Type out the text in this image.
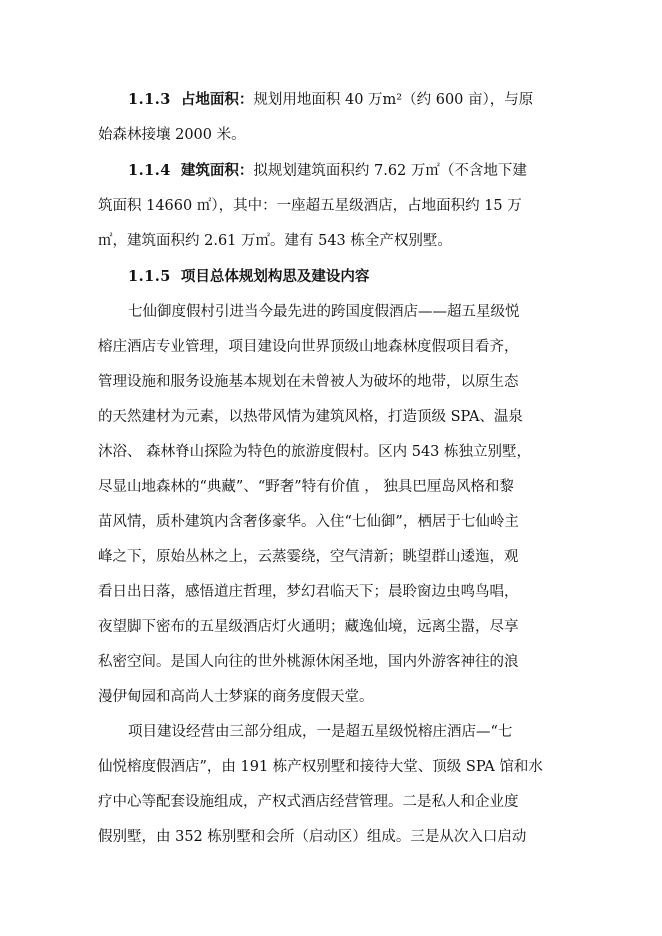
1.1.3 占地面积：规划用地面积 40 万m²（约 600 亩），与原
始森林接壤 2000 米。

1.1.4 建筑面积：拟规划建筑面积约 7.62 万㎡（不含地下建
筑面积 14660 ㎡），其中：一座超五星级酒店，占地面积约 15 万
㎡，建筑面积约 2.61 万㎡。建有 543 栋全产权别墅。

1.1.5 项目总体规划构思及建设内容

七仙御度假村引进当今最先进的跨国度假酒店——超五星级悦
榕庄酒店专业管理，项目建设向世界顶级山地森林度假项目看齐，
管理设施和服务设施基本规划在未曾被人为破坏的地带，以原生态
的天然建材为元素，以热带风情为建筑风格，打造顶级 SPA、温泉
沐浴、 森林脊山探险为特色的旅游度假村。区内 543 栋独立别墅，
尽显山地森林的“典藏”、“野奢”特有价值 ， 独具巴厘岛风格和黎
苗风情，质朴建筑内含奢侈豪华。入住“七仙御”，栖居于七仙岭主
峰之下，原始丛林之上，云蒸霎绕，空气清新；眺望群山逶迤，观
看日出日落，感悟道庄哲理，梦幻君临天下；晨聆窗边虫鸣鸟唱，
夜望脚下密布的五星级酒店灯火通明；藏逸仙境，远离尘嚣，尽享
私密空间。是国人向往的世外桃源休闲圣地，国内外游客神往的浪
漫伊甸园和高尚人士梦寐的商务度假天堂。

项目建设经营由三部分组成，一是超五星级悦榕庄酒店—“七
仙悦榕度假酒店”，由 191 栋产权别墅和接待大堂、顶级 SPA 馆和水
疗中心等配套设施组成，产权式酒店经营管理。二是私人和企业度
假别墅，由 352 栋别墅和会所（启动区）组成。三是从次入口启动
